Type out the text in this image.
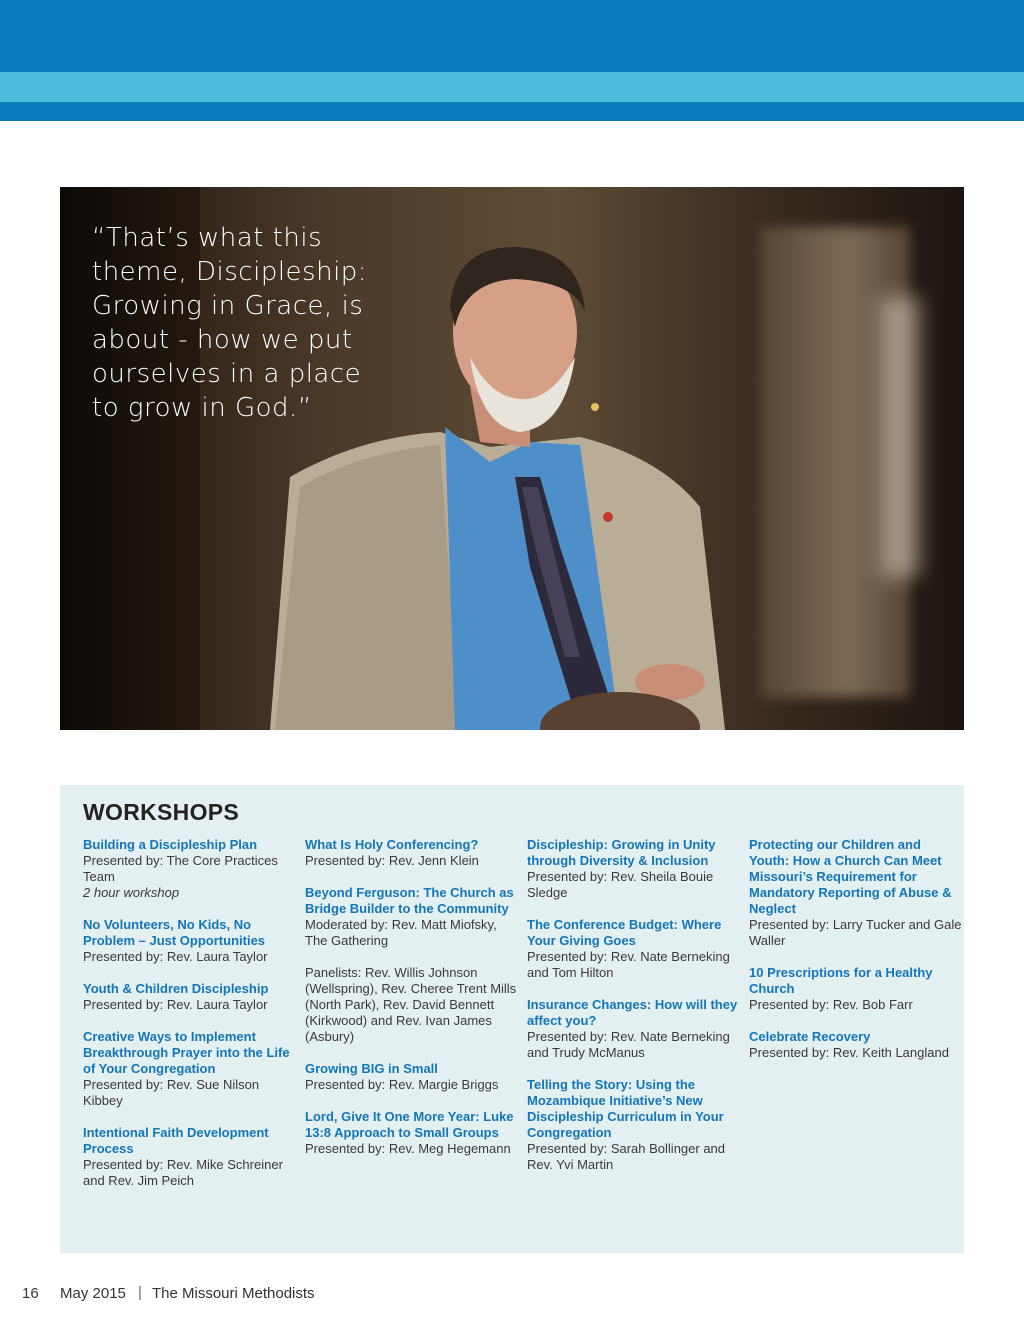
“That’s what this theme, Discipleship: Growing in Grace, is about - how we put ourselves in a place to grow in God.”
WORKSHOPS
Building a Discipleship Plan
Presented by: The Core Practices Team
2 hour workshop
No Volunteers, No Kids, No Problem – Just Opportunities
Presented by: Rev. Laura Taylor
Youth & Children Discipleship
Presented by: Rev. Laura Taylor
Creative Ways to Implement Breakthrough Prayer into the Life of Your Congregation
Presented by: Rev. Sue Nilson Kibbey
Intentional Faith Development Process
Presented by: Rev. Mike Schreiner and Rev. Jim Peich
What Is Holy Conferencing?
Presented by: Rev. Jenn Klein
Beyond Ferguson: The Church as Bridge Builder to the Community
Moderated by: Rev. Matt Miofsky, The Gathering
Panelists: Rev. Willis Johnson (Wellspring), Rev. Cheree Trent Mills (North Park), Rev. David Bennett (Kirkwood) and Rev. Ivan James (Asbury)
Growing BIG in Small
Presented by: Rev. Margie Briggs
Lord, Give It One More Year: Luke 13:8 Approach to Small Groups
Presented by: Rev. Meg Hegemann
Discipleship: Growing in Unity through Diversity & Inclusion
Presented by: Rev. Sheila Bouie Sledge
The Conference Budget: Where Your Giving Goes
Presented by: Rev. Nate Berneking and Tom Hilton
Insurance Changes: How will they affect you?
Presented by: Rev. Nate Berneking and Trudy McManus
Telling the Story: Using the Mozambique Initiative’s New Discipleship Curriculum in Your Congregation
Presented by: Sarah Bollinger and Rev. Yvi Martin
Protecting our Children and Youth: How a Church Can Meet Missouri’s Requirement for Mandatory Reporting of Abuse & Neglect
Presented by: Larry Tucker and Gale Waller
10 Prescriptions for a Healthy Church
Presented by: Rev. Bob Farr
Celebrate Recovery
Presented by: Rev. Keith Langland
16 May 2015 | The Missouri Methodists
